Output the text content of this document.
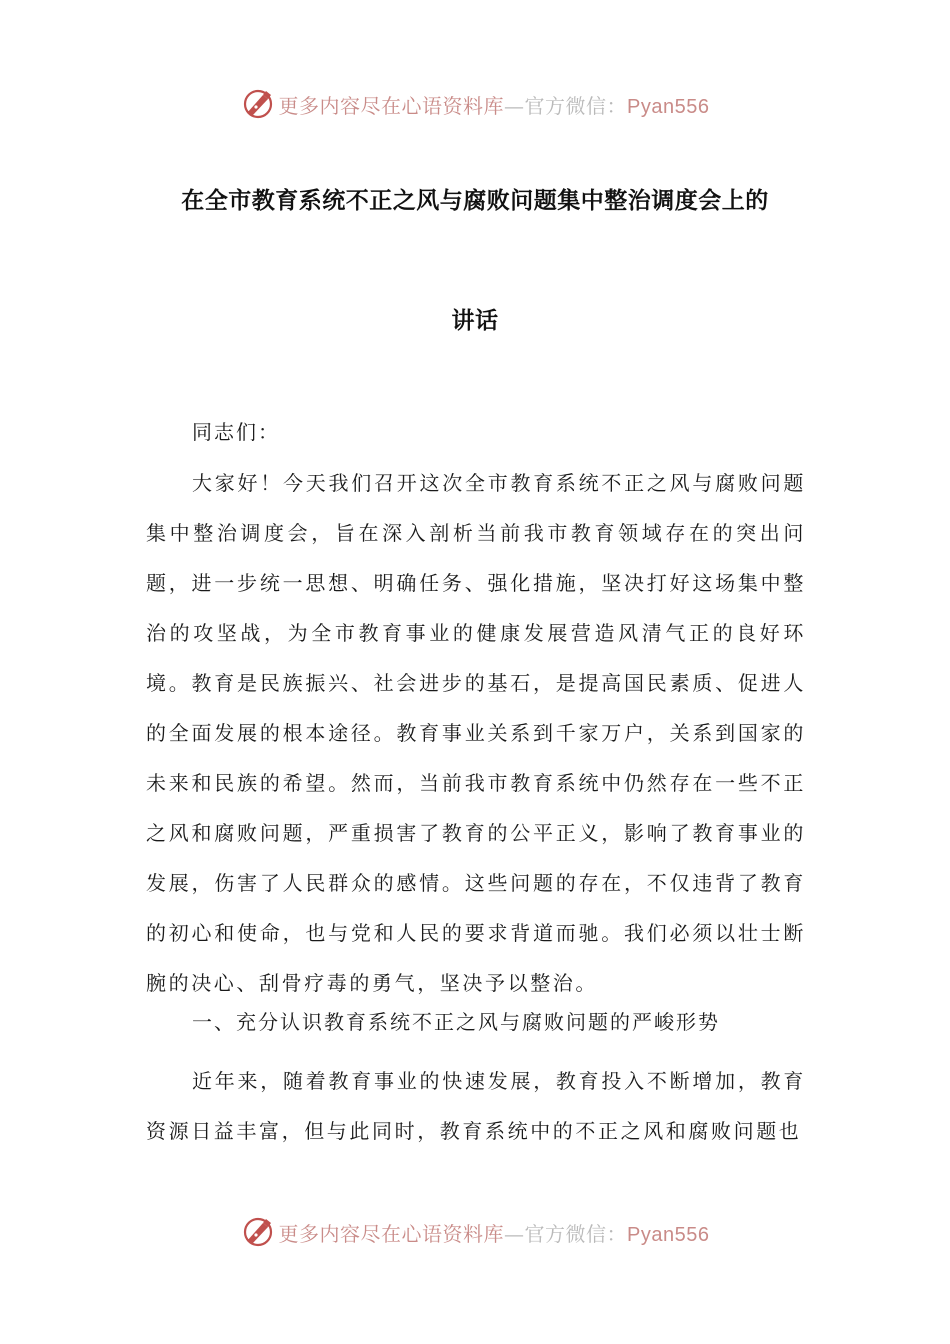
更多内容尽在心语资料库—官方微信：Pyan556
在全市教育系统不正之风与腐败问题集中整治调度会上的
讲话
同志们：

大家好！今天我们召开这次全市教育系统不正之风与腐败问题集中整治调度会，旨在深入剖析当前我市教育领域存在的突出问题，进一步统一思想、明确任务、强化措施，坚决打好这场集中整治的攻坚战，为全市教育事业的健康发展营造风清气正的良好环境。教育是民族振兴、社会进步的基石，是提高国民素质、促进人的全面发展的根本途径。教育事业关系到千家万户，关系到国家的未来和民族的希望。然而，当前我市教育系统中仍然存在一些不正之风和腐败问题，严重损害了教育的公平正义，影响了教育事业的发展，伤害了人民群众的感情。这些问题的存在，不仅违背了教育的初心和使命，也与党和人民的要求背道而驰。我们必须以壮士断腕的决心、刮骨疗毒的勇气，坚决予以整治。

一、充分认识教育系统不正之风与腐败问题的严峻形势

近年来，随着教育事业的快速发展，教育投入不断增加，教育资源日益丰富，但与此同时，教育系统中的不正之风和腐败问题也

更多内容尽在心语资料库—官方微信：Pyan556
